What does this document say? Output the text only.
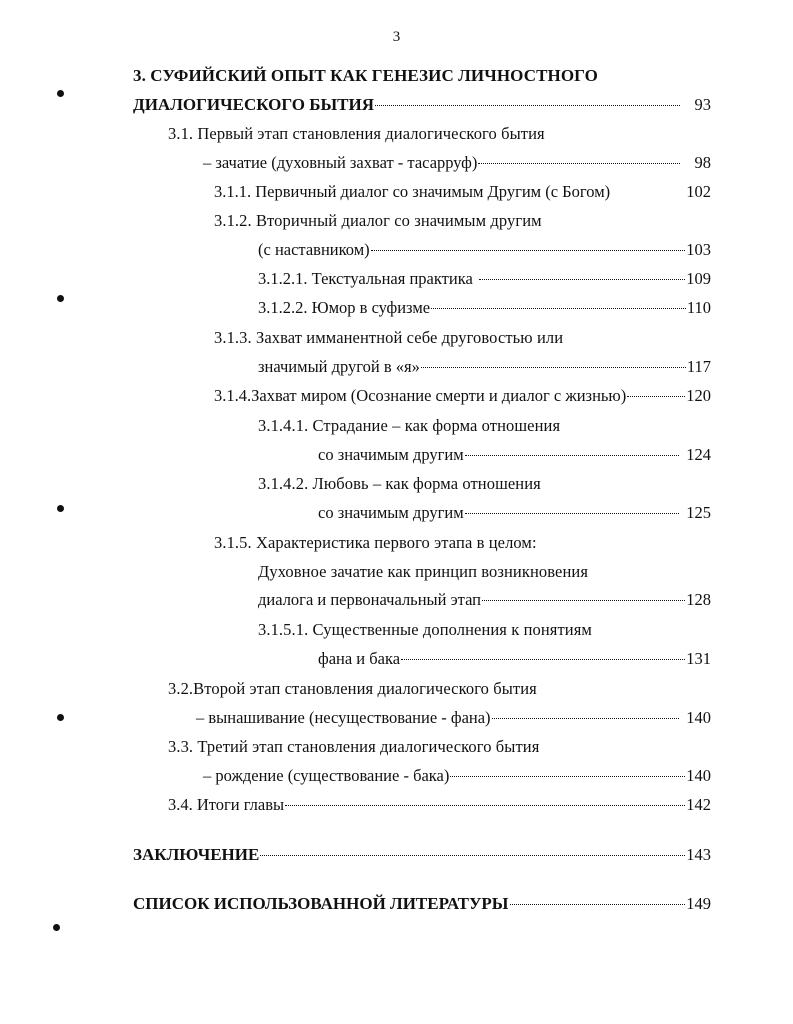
3
3. СУФИЙСКИЙ ОПЫТ КАК ГЕНЕЗИС ЛИЧНОСТНОГО
ДИАЛОГИЧЕСКОГО БЫТИЯ	93
3.1. Первый этап становления диалогического бытия
– зачатие (духовный захват - тасарруф)	98
3.1.1. Первичный диалог со значимым Другим (с Богом)	102
3.1.2. Вторичный диалог со значимым другим
(с наставником)	103
3.1.2.1. Текстуальная практика	109
3.1.2.2. Юмор в суфизме	110
3.1.3. Захват имманентной себе друговостью или
значимый другой в «я»	117
3.1.4.Захват миром (Осознание смерти и диалог с жизнью)	120
3.1.4.1. Страдание – как форма отношения
со значимым другим	124
3.1.4.2. Любовь – как форма отношения
со значимым другим	125
3.1.5. Характеристика первого этапа в целом:
Духовное зачатие как принцип возникновения
диалога и первоначальный этап	128
3.1.5.1. Существенные дополнения к понятиям
фана и бака	131
3.2.Второй этап становления диалогического бытия
– вынашивание (несуществование - фана)	140
3.3. Третий этап становления диалогического бытия
– рождение (существование - бака)	140
3.4. Итоги главы	142
ЗАКЛЮЧЕНИЕ	143
СПИСОК ИСПОЛЬЗОВАННОЙ ЛИТЕРАТУРЫ	149
